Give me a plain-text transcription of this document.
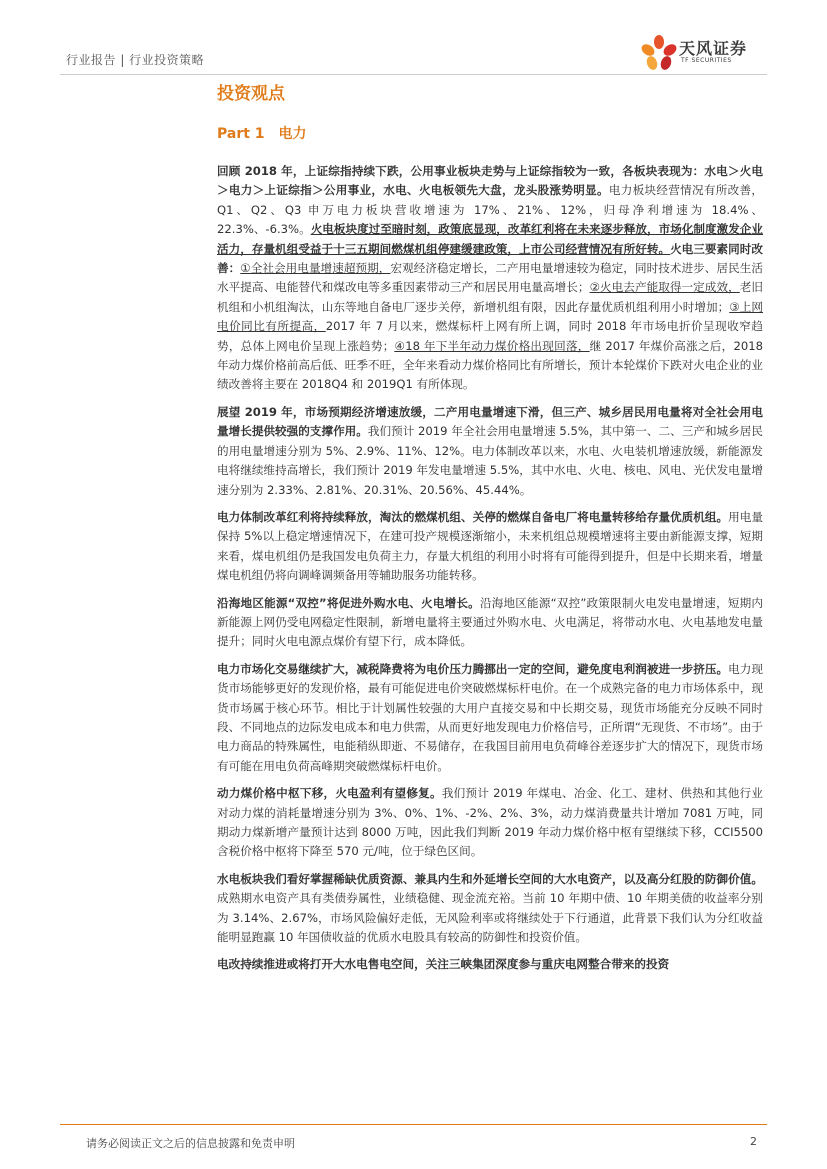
行业报告 | 行业投资策略
天风证券
TF SECURITIES
投资观点
Part 1 电力

回顾 2018 年，上证综指持续下跌，公用事业板块走势与上证综指较为一致，各板块表现为：水电＞火电＞电力＞上证综指＞公用事业，水电、火电板领先大盘，龙头股涨势明显。电力板块经营情况有所改善，Q1、Q2、Q3 申万电力板块营收增速为 17%、21%、12%，归母净利增速为 18.4%、22.3%、-6.3%。火电板块度过至暗时刻，政策底显现，改革红利将在未来逐步释放，市场化制度激发企业活力，存量机组受益于十三五期间燃煤机组停建缓建政策，上市公司经营情况有所好转。火电三要素同时改善：①全社会用电量增速超预期，宏观经济稳定增长，二产用电量增速较为稳定，同时技术进步、居民生活水平提高、电能替代和煤改电等多重因素带动三产和居民用电量高增长；②火电去产能取得一定成效，老旧机组和小机组淘汰，山东等地自备电厂逐步关停，新增机组有限，因此存量优质机组利用小时增加；③上网电价同比有所提高，2017 年 7 月以来，燃煤标杆上网有所上调，同时 2018 年市场电折价呈现收窄趋势，总体上网电价呈现上涨趋势；④18 年下半年动力煤价格出现回落，继 2017 年煤价高涨之后，2018 年动力煤价格前高后低、旺季不旺，全年来看动力煤价格同比有所增长，预计本轮煤价下跌对火电企业的业绩改善将主要在 2018Q4 和 2019Q1 有所体现。

展望 2019 年，市场预期经济增速放缓，二产用电量增速下滑，但三产、城乡居民用电量将对全社会用电量增长提供较强的支撑作用。我们预计 2019 年全社会用电量增速 5.5%，其中第一、二、三产和城乡居民的用电量增速分别为 5%、2.9%、11%、12%。电力体制改革以来，水电、火电装机增速放缓，新能源发电将继续维持高增长，我们预计 2019 年发电量增速 5.5%，其中水电、火电、核电、风电、光伏发电量增速分别为 2.33%、2.81%、20.31%、20.56%、45.44%。

电力体制改革红利将持续释放，淘汰的燃煤机组、关停的燃煤自备电厂将电量转移给存量优质机组。用电量保持 5%以上稳定增速情况下，在建可投产规模逐渐缩小，未来机组总规模增速将主要由新能源支撑，短期来看，煤电机组仍是我国发电负荷主力，存量大机组的利用小时将有可能得到提升，但是中长期来看，增量煤电机组仍将向调峰调频备用等辅助服务功能转移。

沿海地区能源“双控”将促进外购水电、火电增长。沿海地区能源“双控”政策限制火电发电量增速，短期内新能源上网仍受电网稳定性限制，新增电量将主要通过外购水电、火电满足，将带动水电、火电基地发电量提升；同时火电电源点煤价有望下行，成本降低。

电力市场化交易继续扩大，减税降费将为电价压力腾挪出一定的空间，避免度电利润被进一步挤压。电力现货市场能够更好的发现价格，最有可能促进电价突破燃煤标杆电价。在一个成熟完备的电力市场体系中，现货市场属于核心环节。相比于计划属性较强的大用户直接交易和中长期交易，现货市场能充分反映不同时段、不同地点的边际发电成本和电力供需，从而更好地发现电力价格信号，正所谓“无现货、不市场”。由于电力商品的特殊属性，电能稍纵即逝、不易储存，在我国目前用电负荷峰谷差逐步扩大的情况下，现货市场有可能在用电负荷高峰期突破燃煤标杆电价。

动力煤价格中枢下移，火电盈利有望修复。我们预计 2019 年煤电、冶金、化工、建材、供热和其他行业对动力煤的消耗量增速分别为 3%、0%、1%、-2%、2%、3%，动力煤消费量共计增加 7081 万吨，同期动力煤新增产量预计达到 8000 万吨，因此我们判断 2019 年动力煤价格中枢有望继续下移，CCI5500 含税价格中枢将下降至 570 元/吨，位于绿色区间。

水电板块我们看好掌握稀缺优质资源、兼具内生和外延增长空间的大水电资产，以及高分红股的防御价值。成熟期水电资产具有类债券属性，业绩稳健、现金流充裕。当前 10 年期中债、10 年期美债的收益率分别为 3.14%、2.67%，市场风险偏好走低，无风险利率或将继续处于下行通道，此背景下我们认为分红收益能明显跑赢 10 年国债收益的优质水电股具有较高的防御性和投资价值。

电改持续推进或将打开大水电售电空间，关注三峡集团深度参与重庆电网整合带来的投资

请务必阅读正文之后的信息披露和免责申明	2
